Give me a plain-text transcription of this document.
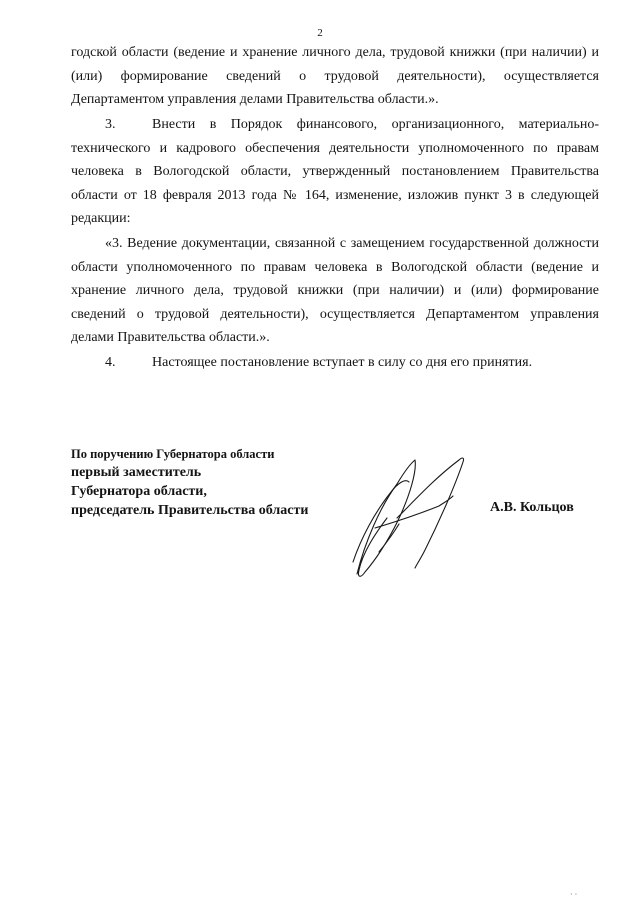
2

годской области (ведение и хранение личного дела, трудовой книжки (при наличии) и (или) формирование сведений о трудовой деятельности), осуществляется Департаментом управления делами Правительства области.».

3.	Внести в Порядок финансового, организационного, материально-технического и кадрового обеспечения деятельности уполномоченного по правам человека в Вологодской области, утвержденный постановлением Правительства области от 18 февраля 2013 года № 164, изменение, изложив пункт 3 в следующей редакции:

«3. Ведение документации, связанной с замещением государственной должности области уполномоченного по правам человека в Вологодской области (ведение и хранение личного дела, трудовой книжки (при наличии) и (или) формирование сведений о трудовой деятельности), осуществляется Департаментом управления делами Правительства области.».

4.	Настоящее постановление вступает в силу со дня его принятия.

По поручению Губернатора области
первый заместитель
Губернатора области,
председатель Правительства области	А.В. Кольцов
· ·
